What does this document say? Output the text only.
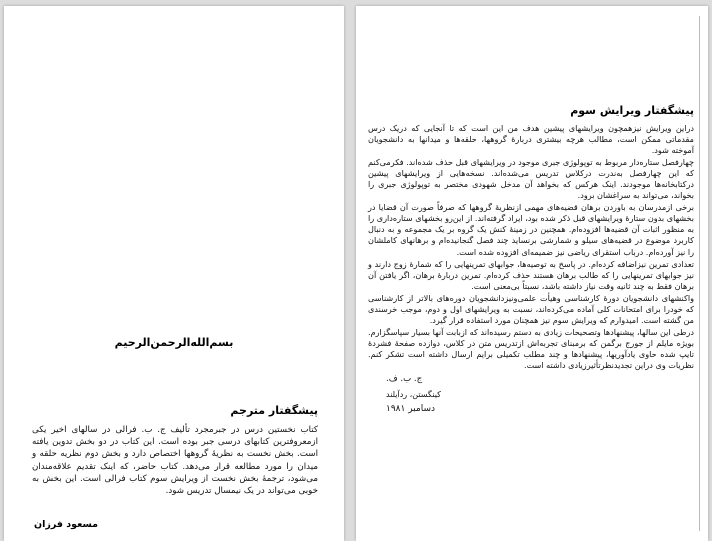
بسم‌الله‌الرحمن‌الرحیم
پیشگفتار مترجم
کتاب نخستین درس در جبرمجرد تألیف ج. ب. فرالی در سالهای اخیر یکی ازمعروفترین کتابهای درسی جبر بوده است. این کتاب در دو بخش تدوین یافته است. بخش نخست به نظریهٔ گروهها اختصاص دارد و بخش دوم نظریه حلقه و میدان را مورد مطالعه قرار می‌دهد. کتاب حاضر، که اینک تقدیم علاقه‌مندان می‌شود، ترجمهٔ بخش نخست از ویرایش سوم کتاب فرالی است. این بخش به خوبی می‌تواند در یک نیمسال تدریس شود.
مسعود فرزان
پیشگفتار ویرایش سوم

دراین ویرایش نیزهمچون ویرایشهای پیشین هدف من این است که تا آنجایی که دریک درس مقدماتی ممکن است، مطالب هرچه بیشتری دربارهٔ گروهها، حلقه‌ها و میدانها به دانشجویان آموخته شود.

چهارفصل ستاره‌دار مربوط به توپولوژی جبری موجود در ویرایشهای قبل حذف شده‌اند. فکرمی‌کنم که این چهارفصل به‌ندرت درکلاس تدریس می‌شده‌اند. نسخه‌هایی از ویرایشهای پیشین درکتابخانه‌ها موجودند. اینک هرکس که بخواهد آن مدخل شهودی مختصر به توپولوژی جبری را بخواند، می‌تواند به سراغشان برود.

برخی ازمدرسان به باوردن برهان قضیه‌های مهمی ازنظریهٔ گروهها که صرفاً صورت آن قضایا در بخشهای بدون ستارهٔ ویرایشهای قبل ذکر شده بود، ایراد گرفته‌اند. از این‌رو بخشهای ستاره‌داری را به منظور اثبات آن قضیه‌ها افزوده‌ام. همچنین در زمینهٔ کنش یک گروه بر یک مجموعه و به دنبال کاربرد موضوع در قضیه‌های سیلو و شمارشی برنساید چند فصل گنجانیده‌ام و برهانهای کاملشان را نیز آورده‌ام. درباب استقرای ریاضی نیز ضمیمه‌ای افزوده شده است.

تعدادی تمرین نیزاضافه کرده‌ام. در پاسخ به توصیه‌ها، جوابهای تمرینهایی را که شمارهٔ زوج دارند و نیز جوابهای تمرینهایی را که طالب برهان هستند حذف کرده‌ام. تمرین دربارهٔ برهان، اگر یافتن آن برهان فقط به چند ثانیه وقت نیاز داشته باشد، نسبتاً بی‌معنی است.

واکنشهای دانشجویان دورهٔ کارشناسی وهیأت علمی‌ونیزدانشجویان دوره‌های بالاتر از کارشناسی که خودرا برای امتحانات کلی آماده می‌کرده‌اند، نسبت به ویرایشهای اول و دوم، موجب خرسندی من گشته است. امیدوارم که ویرایش سوم نیز همچنان مورد استفاده قرار گیرد.

درطی این سالها، پیشنهادها وتصحیحات زیادی به دستم رسیده‌اند که ازبابت آنها بسیار سپاسگزارم. بویژه مایلم از جورج برگمن که برمبنای تجربه‌اش ازتدریس متن در کلاس، دوازده صفحهٔ فشردهٔ تایپ شده حاوی یادآوریها، پیشنهادها و چند مطلب تکمیلی برایم ارسال داشته است تشکر کنم. نظریات وی دراین تجدیدنظرتأثیرزیادی داشته است.

ج. ب. ف.
کینگستن، رد‌آیلند
دسامبر ۱۹۸۱
